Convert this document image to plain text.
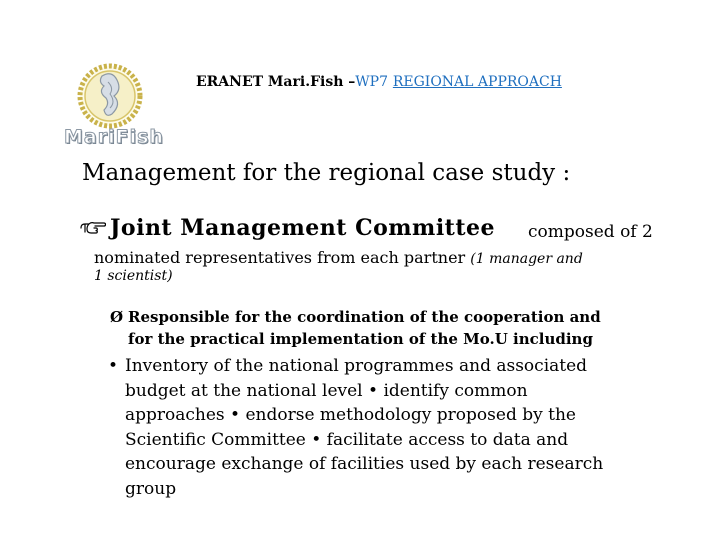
MariFish
ERANET Mari.Fish –WP7 REGIONAL APPROACH
Management for the regional case study :
Joint Management Committee composed of 2
nominated representatives from each partner (1 manager and
1 scientist)
Ø Responsible for the coordination of the cooperation and
for the practical implementation of the Mo.U including
• Inventory of the national programmes and associated
budget at the national level • identify common
approaches • endorse methodology proposed by the
Scientific Committee • facilitate access to data and
encourage exchange of facilities used by each research
group
